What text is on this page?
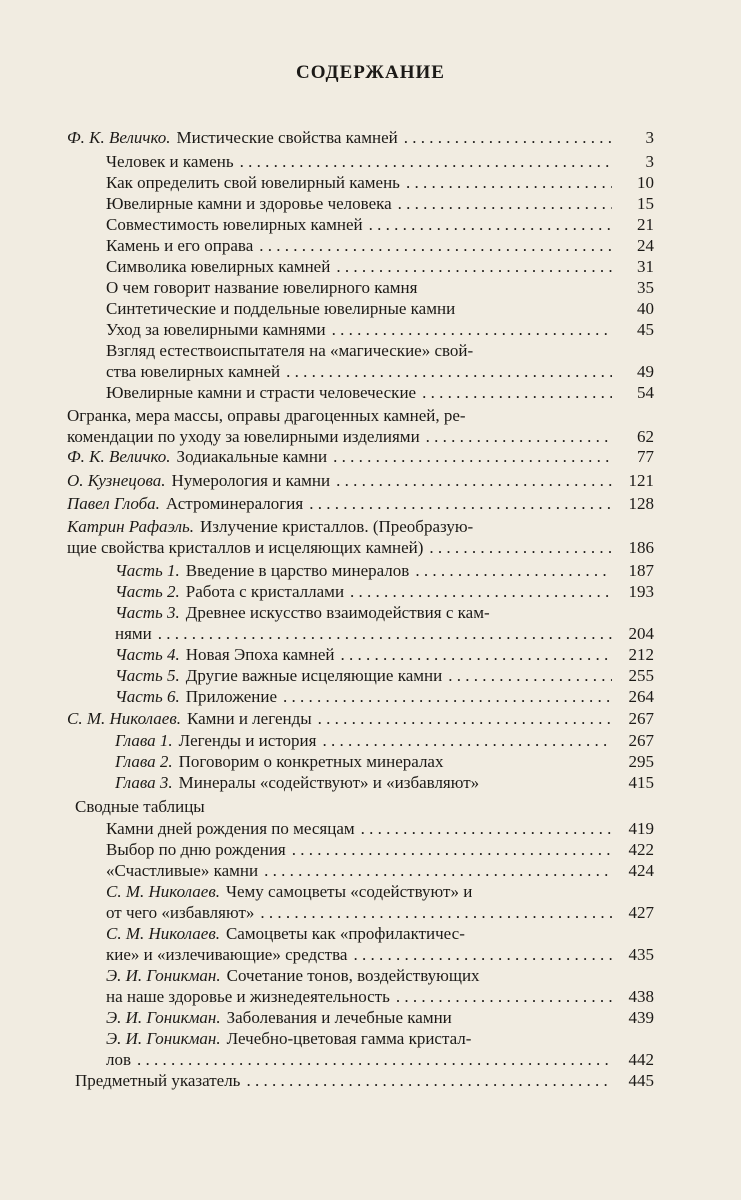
СОДЕРЖАНИЕ
Ф. К. Величко. Мистические свойства камней . . .	3
Человек и камень . . .	3
Как определить свой ювелирный камень . . .	10
Ювелирные камни и здоровье человека . . .	15
Совместимость ювелирных камней . . .	21
Камень и его оправа . . .	24
Символика ювелирных камней . . .	31
О чем говорит название ювелирного камня	35
Синтетические и поддельные ювелирные камни	40
Уход за ювелирными камнями . . .	45
Взгляд естествоиспытателя на «магические» свой-
ства ювелирных камней . . .	49
Ювелирные камни и страсти человеческие . . .	54
Огранка, мера массы, оправы драгоценных камней, ре-
комендации по уходу за ювелирными изделиями . . .	62
Ф. К. Величко. Зодиакальные камни . . .	77
О. Кузнецова. Нумерология и камни . . .	121
Павел Глоба. Астроминералогия . . .	128
Катрин Рафаэль. Излучение кристаллов. (Преобразую-
щие свойства кристаллов и исцеляющих камней) . . .	186
Часть 1. Введение в царство минералов . . .	187
Часть 2. Работа с кристаллами . . .	193
Часть 3. Древнее искусство взаимодействия с кам-
нями . . .	204
Часть 4. Новая Эпоха камней . . .	212
Часть 5. Другие важные исцеляющие камни . . .	255
Часть 6. Приложение . . .	264
С. М. Николаев. Камни и легенды . . .	267
Глава 1. Легенды и история . . .	267
Глава 2. Поговорим о конкретных минералах	295
Глава 3. Минералы «содействуют» и «избавляют»	415
Сводные таблицы
Камни дней рождения по месяцам . . .	419
Выбор по дню рождения . . .	422
«Счастливые» камни . . .	424
С. М. Николаев. Чему самоцветы «содействуют» и
от чего «избавляют» . . .	427
С. М. Николаев. Самоцветы как «профилактичес-
кие» и «излечивающие» средства . . .	435
Э. И. Гоникман. Сочетание тонов, воздействующих
на наше здоровье и жизнедеятельность . . .	438
Э. И. Гоникман. Заболевания и лечебные камни	439
Э. И. Гоникман. Лечебно-цветовая гамма кристал-
лов . . .	442
Предметный указатель . . .	445
